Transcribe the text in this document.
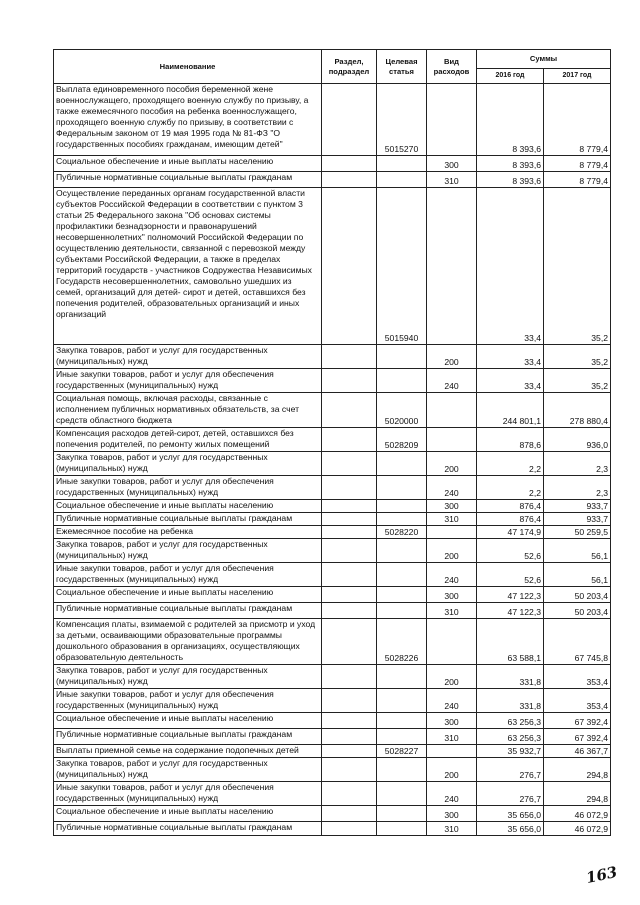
Наименование	Раздел, подраздел	Целевая статья	Вид расходов	Суммы	
				2016 год	2017 год
Выплата единовременного пособия беременной жене военнослужащего, проходящего военную службу по призыву, а также ежемесячного пособия на ребенка военнослужащего, проходящего военную службу по призыву, в соответствии с Федеральным законом от 19 мая 1995 года № 81-ФЗ "О государственных пособиях гражданам, имеющим детей"		5015270		8 393,6	8 779,4
Социальное обеспечение и иные выплаты населению			300	8 393,6	8 779,4
Публичные нормативные социальные выплаты гражданам			310	8 393,6	8 779,4
Осуществление переданных органам государственной власти субъектов Российской Федерации в соответствии с пунктом 3 статьи 25 Федерального закона "Об основах системы профилактики безнадзорности и правонарушений несовершеннолетних" полномочий Российской Федерации по осуществлению деятельности, связанной с перевозкой между субъектами Российской Федерации, а также в пределах территорий государств - участников Содружества Независимых Государств несовершеннолетних, самовольно ушедших из семей, организаций для детей- сирот и детей, оставшихся без попечения родителей, образовательных организаций и иных организаций		5015940		33,4	35,2
Закупка товаров, работ и услуг для государственных (муниципальных) нужд			200	33,4	35,2
Иные закупки товаров, работ и услуг для обеспечения государственных (муниципальных) нужд			240	33,4	35,2
Социальная помощь, включая расходы, связанные с исполнением публичных нормативных обязательств, за счет средств областного бюджета		5020000		244 801,1	278 880,4
Компенсация расходов детей-сирот, детей, оставшихся без попечения родителей, по ремонту жилых помещений		5028209		878,6	936,0
Закупка товаров, работ и услуг для государственных (муниципальных) нужд			200	2,2	2,3
Иные закупки товаров, работ и услуг для обеспечения государственных (муниципальных) нужд			240	2,2	2,3
Социальное обеспечение и иные выплаты населению			300	876,4	933,7
Публичные нормативные социальные выплаты гражданам			310	876,4	933,7
Ежемесячное пособие на ребенка		5028220		47 174,9	50 259,5
Закупка товаров, работ и услуг для государственных (муниципальных) нужд			200	52,6	56,1
Иные закупки товаров, работ и услуг для обеспечения государственных (муниципальных) нужд			240	52,6	56,1
Социальное обеспечение и иные выплаты населению			300	47 122,3	50 203,4
Публичные нормативные социальные выплаты гражданам			310	47 122,3	50 203,4
Компенсация платы, взимаемой с родителей за присмотр и уход за детьми, осваивающими образовательные программы дошкольного образования в организациях, осуществляющих образовательную деятельность		5028226		63 588,1	67 745,8
Закупка товаров, работ и услуг для государственных (муниципальных) нужд			200	331,8	353,4
Иные закупки товаров, работ и услуг для обеспечения государственных (муниципальных) нужд			240	331,8	353,4
Социальное обеспечение и иные выплаты населению			300	63 256,3	67 392,4
Публичные нормативные социальные выплаты гражданам			310	63 256,3	67 392,4
Выплаты приемной семье на содержание подопечных детей		5028227		35 932,7	46 367,7
Закупка товаров, работ и услуг для государственных (муниципальных) нужд			200	276,7	294,8
Иные закупки товаров, работ и услуг для обеспечения государственных (муниципальных) нужд			240	276,7	294,8
Социальное обеспечение и иные выплаты населению			300	35 656,0	46 072,9
Публичные нормативные социальные выплаты гражданам			310	35 656,0	46 072,9
163
